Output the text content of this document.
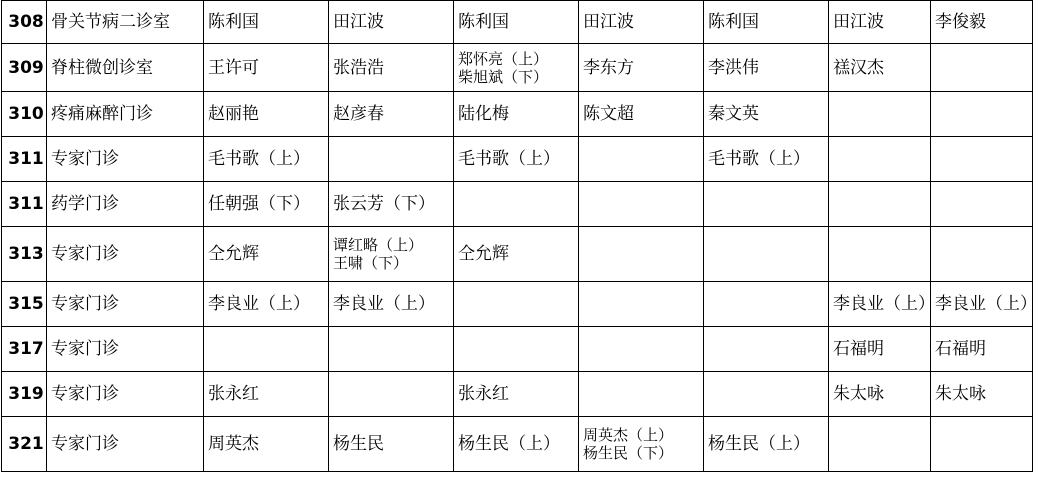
308	骨关节病二诊室	陈利国	田江波	陈利国	田江波	陈利国	田江波	李俊毅
309	脊柱微创诊室	王许可	张浩浩	郑怀亮（上）
柴旭斌（下）	李东方	李洪伟	禚汉杰	
310	疼痛麻醉门诊	赵丽艳	赵彦春	陆化梅	陈文超	秦文英		
311	专家门诊	毛书歌（上）		毛书歌（上）		毛书歌（上）		
311	药学门诊	任朝强（下）	张云芳（下）					
313	专家门诊	仝允辉	谭红略（上）
王啸（下）	仝允辉				
315	专家门诊	李良业（上）	李良业（上）				李良业（上）	李良业（上）
317	专家门诊						石福明	石福明
319	专家门诊	张永红		张永红			朱太咏	朱太咏
321	专家门诊	周英杰	杨生民	杨生民（上）	周英杰（上）
杨生民（下）	杨生民（上）		
